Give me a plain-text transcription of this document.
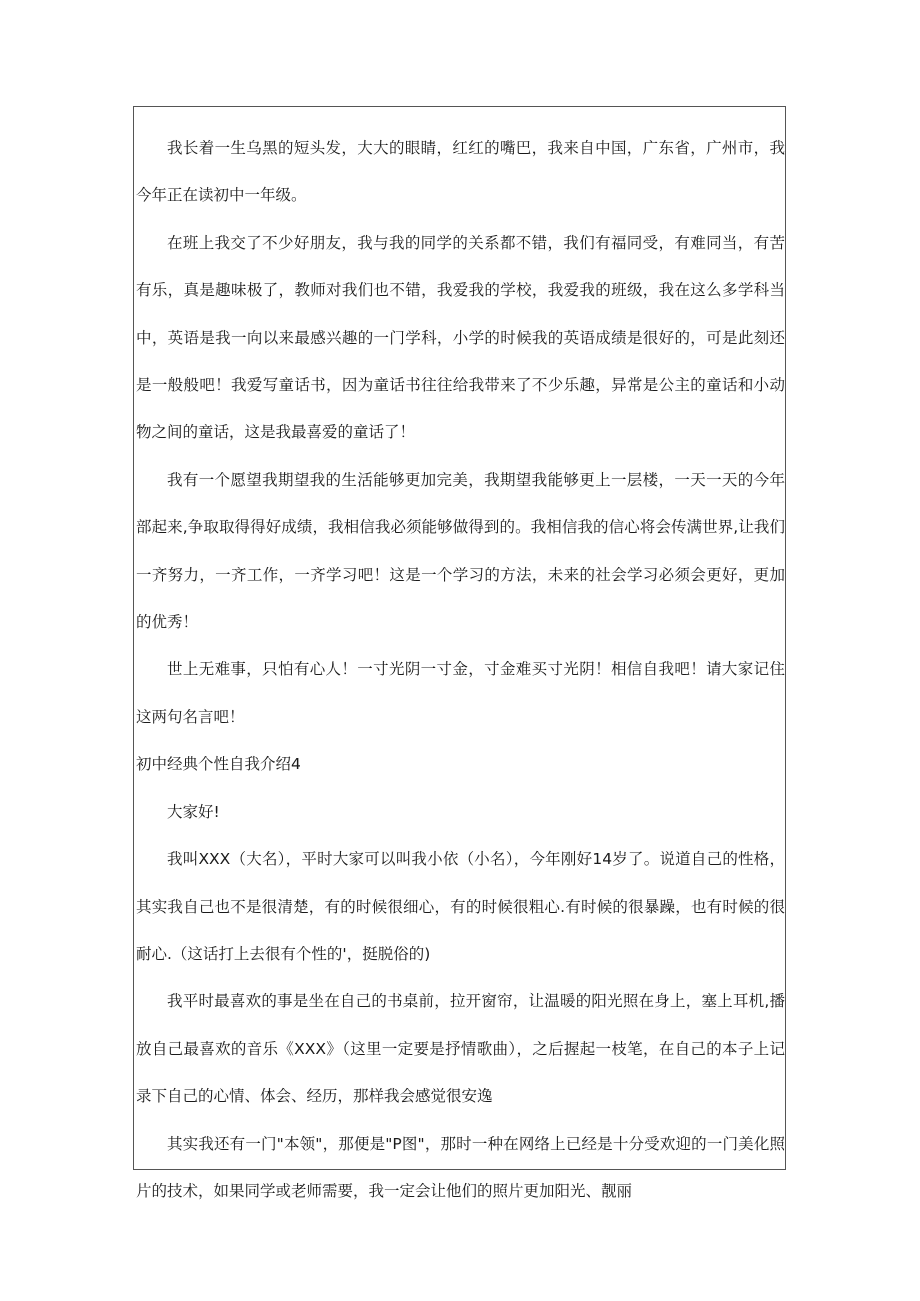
我长着一生乌黑的短头发，大大的眼睛，红红的嘴巴，我来自中国，广东省，广州市，我今年正在读初中一年级。

在班上我交了不少好朋友，我与我的同学的关系都不错，我们有福同受，有难同当，有苦有乐，真是趣味极了，教师对我们也不错，我爱我的学校，我爱我的班级，我在这么多学科当中，英语是我一向以来最感兴趣的一门学科，小学的时候我的英语成绩是很好的，可是此刻还是一般般吧！我爱写童话书，因为童话书往往给我带来了不少乐趣，异常是公主的童话和小动物之间的童话，这是我最喜爱的童话了！

我有一个愿望我期望我的生活能够更加完美，我期望我能够更上一层楼，一天一天的今年部起来,争取取得得好成绩，我相信我必须能够做得到的。我相信我的信心将会传满世界,让我们一齐努力，一齐工作，一齐学习吧！这是一个学习的方法，未来的社会学习必须会更好，更加的优秀！

世上无难事，只怕有心人！一寸光阴一寸金，寸金难买寸光阴！相信自我吧！请大家记住这两句名言吧！

初中经典个性自我介绍4

大家好!

我叫XXX（大名），平时大家可以叫我小依（小名），今年刚好14岁了。说道自己的性格，其实我自己也不是很清楚，有的时候很细心，有的时候很粗心.有时候的很暴躁，也有时候的很耐心.（这话打上去很有个性的'，挺脱俗的)

我平时最喜欢的事是坐在自己的书桌前，拉开窗帘，让温暖的阳光照在身上，塞上耳机,播放自己最喜欢的音乐《XXX》（这里一定要是抒情歌曲），之后握起一枝笔，在自己的本子上记录下自己的心情、体会、经历，那样我会感觉很安逸

其实我还有一门"本领"，那便是"P图"，那时一种在网络上已经是十分受欢迎的一门美化照片的技术，如果同学或老师需要，我一定会让他们的照片更加阳光、靓丽
